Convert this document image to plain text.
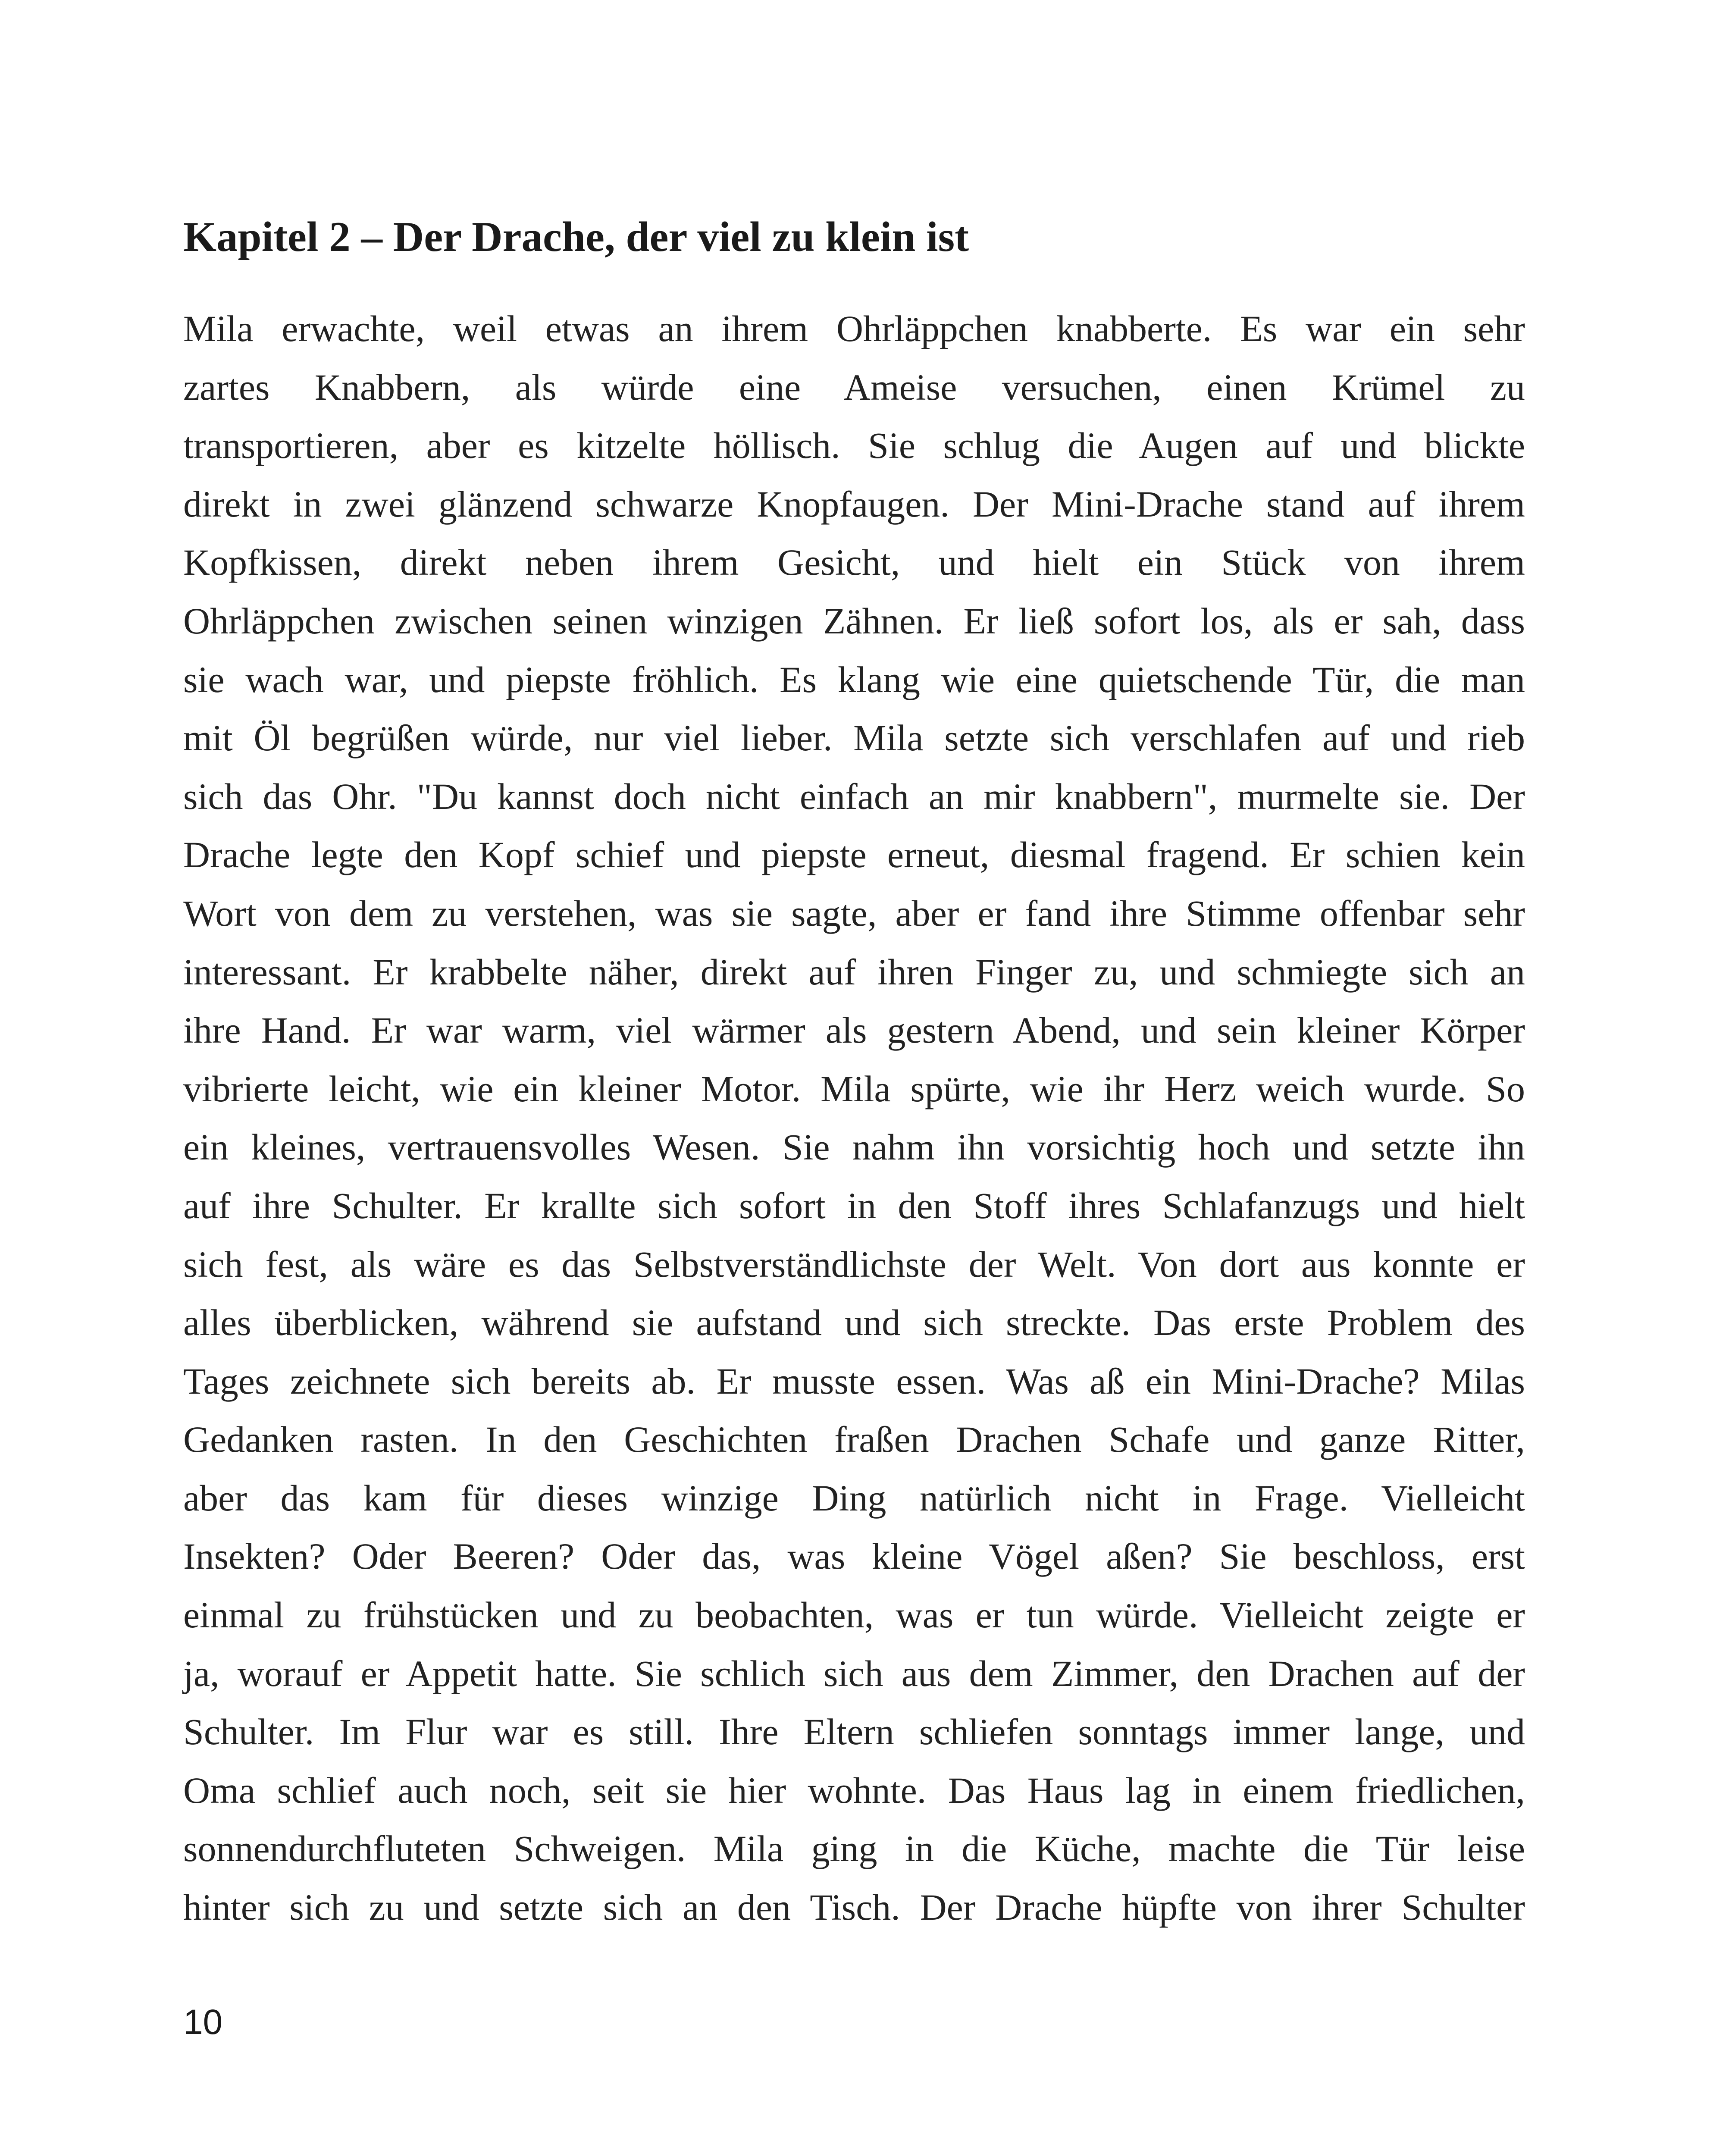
Kapitel 2 – Der Drache, der viel zu klein ist
Mila erwachte, weil etwas an ihrem Ohrläppchen knabberte. Es war ein sehr
zartes Knabbern, als würde eine Ameise versuchen, einen Krümel zu
transportieren, aber es kitzelte höllisch. Sie schlug die Augen auf und blickte
direkt in zwei glänzend schwarze Knopfaugen. Der Mini-Drache stand auf ihrem
Kopfkissen, direkt neben ihrem Gesicht, und hielt ein Stück von ihrem
Ohrläppchen zwischen seinen winzigen Zähnen. Er ließ sofort los, als er sah, dass
sie wach war, und piepste fröhlich. Es klang wie eine quietschende Tür, die man
mit Öl begrüßen würde, nur viel lieber. Mila setzte sich verschlafen auf und rieb
sich das Ohr. "Du kannst doch nicht einfach an mir knabbern", murmelte sie. Der
Drache legte den Kopf schief und piepste erneut, diesmal fragend. Er schien kein
Wort von dem zu verstehen, was sie sagte, aber er fand ihre Stimme offenbar sehr
interessant. Er krabbelte näher, direkt auf ihren Finger zu, und schmiegte sich an
ihre Hand. Er war warm, viel wärmer als gestern Abend, und sein kleiner Körper
vibrierte leicht, wie ein kleiner Motor. Mila spürte, wie ihr Herz weich wurde. So
ein kleines, vertrauensvolles Wesen. Sie nahm ihn vorsichtig hoch und setzte ihn
auf ihre Schulter. Er krallte sich sofort in den Stoff ihres Schlafanzugs und hielt
sich fest, als wäre es das Selbstverständlichste der Welt. Von dort aus konnte er
alles überblicken, während sie aufstand und sich streckte. Das erste Problem des
Tages zeichnete sich bereits ab. Er musste essen. Was aß ein Mini-Drache? Milas
Gedanken rasten. In den Geschichten fraßen Drachen Schafe und ganze Ritter,
aber das kam für dieses winzige Ding natürlich nicht in Frage. Vielleicht
Insekten? Oder Beeren? Oder das, was kleine Vögel aßen? Sie beschloss, erst
einmal zu frühstücken und zu beobachten, was er tun würde. Vielleicht zeigte er
ja, worauf er Appetit hatte. Sie schlich sich aus dem Zimmer, den Drachen auf der
Schulter. Im Flur war es still. Ihre Eltern schliefen sonntags immer lange, und
Oma schlief auch noch, seit sie hier wohnte. Das Haus lag in einem friedlichen,
sonnendurchfluteten Schweigen. Mila ging in die Küche, machte die Tür leise
hinter sich zu und setzte sich an den Tisch. Der Drache hüpfte von ihrer Schulter
10
